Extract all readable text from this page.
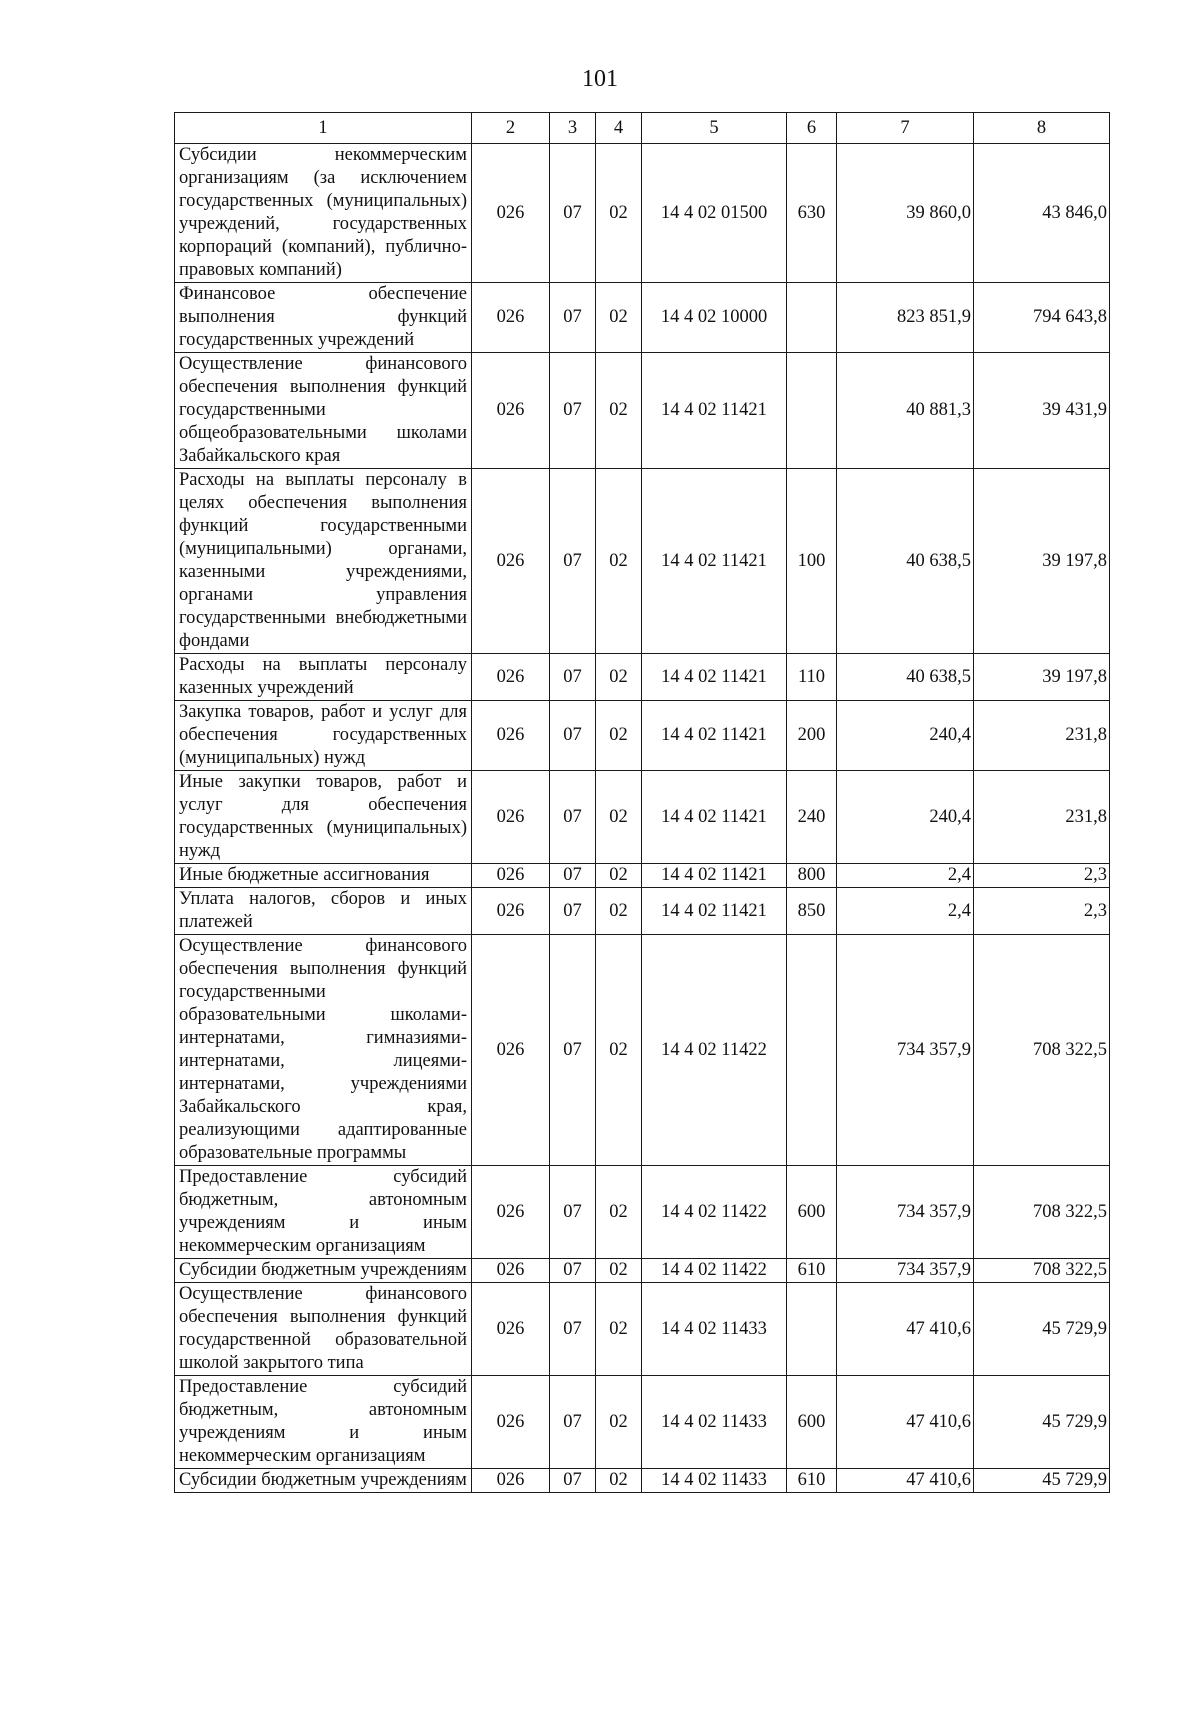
101
1	2	3	4	5	6	7	8
Субсидии некоммерческим организациям (за исключением государственных (муниципальных) учреждений, государственных корпораций (компаний), публично-правовых компаний)	026	07	02	14 4 02 01500	630	39 860,0	43 846,0
Финансовое обеспечение выполнения функций государственных учреждений	026	07	02	14 4 02 10000		823 851,9	794 643,8
Осуществление финансового обеспечения выполнения функций государственными общеобразовательными школами Забайкальского края	026	07	02	14 4 02 11421		40 881,3	39 431,9
Расходы на выплаты персоналу в целях обеспечения выполнения функций государственными (муниципальными) органами, казенными учреждениями, органами управления государственными внебюджетными фондами	026	07	02	14 4 02 11421	100	40 638,5	39 197,8
Расходы на выплаты персоналу казенных учреждений	026	07	02	14 4 02 11421	110	40 638,5	39 197,8
Закупка товаров, работ и услуг для обеспечения государственных (муниципальных) нужд	026	07	02	14 4 02 11421	200	240,4	231,8
Иные закупки товаров, работ и услуг для обеспечения государственных (муниципальных) нужд	026	07	02	14 4 02 11421	240	240,4	231,8
Иные бюджетные ассигнования	026	07	02	14 4 02 11421	800	2,4	2,3
Уплата налогов, сборов и иных платежей	026	07	02	14 4 02 11421	850	2,4	2,3
Осуществление финансового обеспечения выполнения функций государственными образовательными школами-интернатами, гимназиями-интернатами, лицеями-интернатами, учреждениями Забайкальского края, реализующими адаптированные образовательные программы	026	07	02	14 4 02 11422		734 357,9	708 322,5
Предоставление субсидий бюджетным, автономным учреждениям и иным некоммерческим организациям	026	07	02	14 4 02 11422	600	734 357,9	708 322,5
Субсидии бюджетным учреждениям	026	07	02	14 4 02 11422	610	734 357,9	708 322,5
Осуществление финансового обеспечения выполнения функций государственной образовательной школой закрытого типа	026	07	02	14 4 02 11433		47 410,6	45 729,9
Предоставление субсидий бюджетным, автономным учреждениям и иным некоммерческим организациям	026	07	02	14 4 02 11433	600	47 410,6	45 729,9
Субсидии бюджетным учреждениям	026	07	02	14 4 02 11433	610	47 410,6	45 729,9
